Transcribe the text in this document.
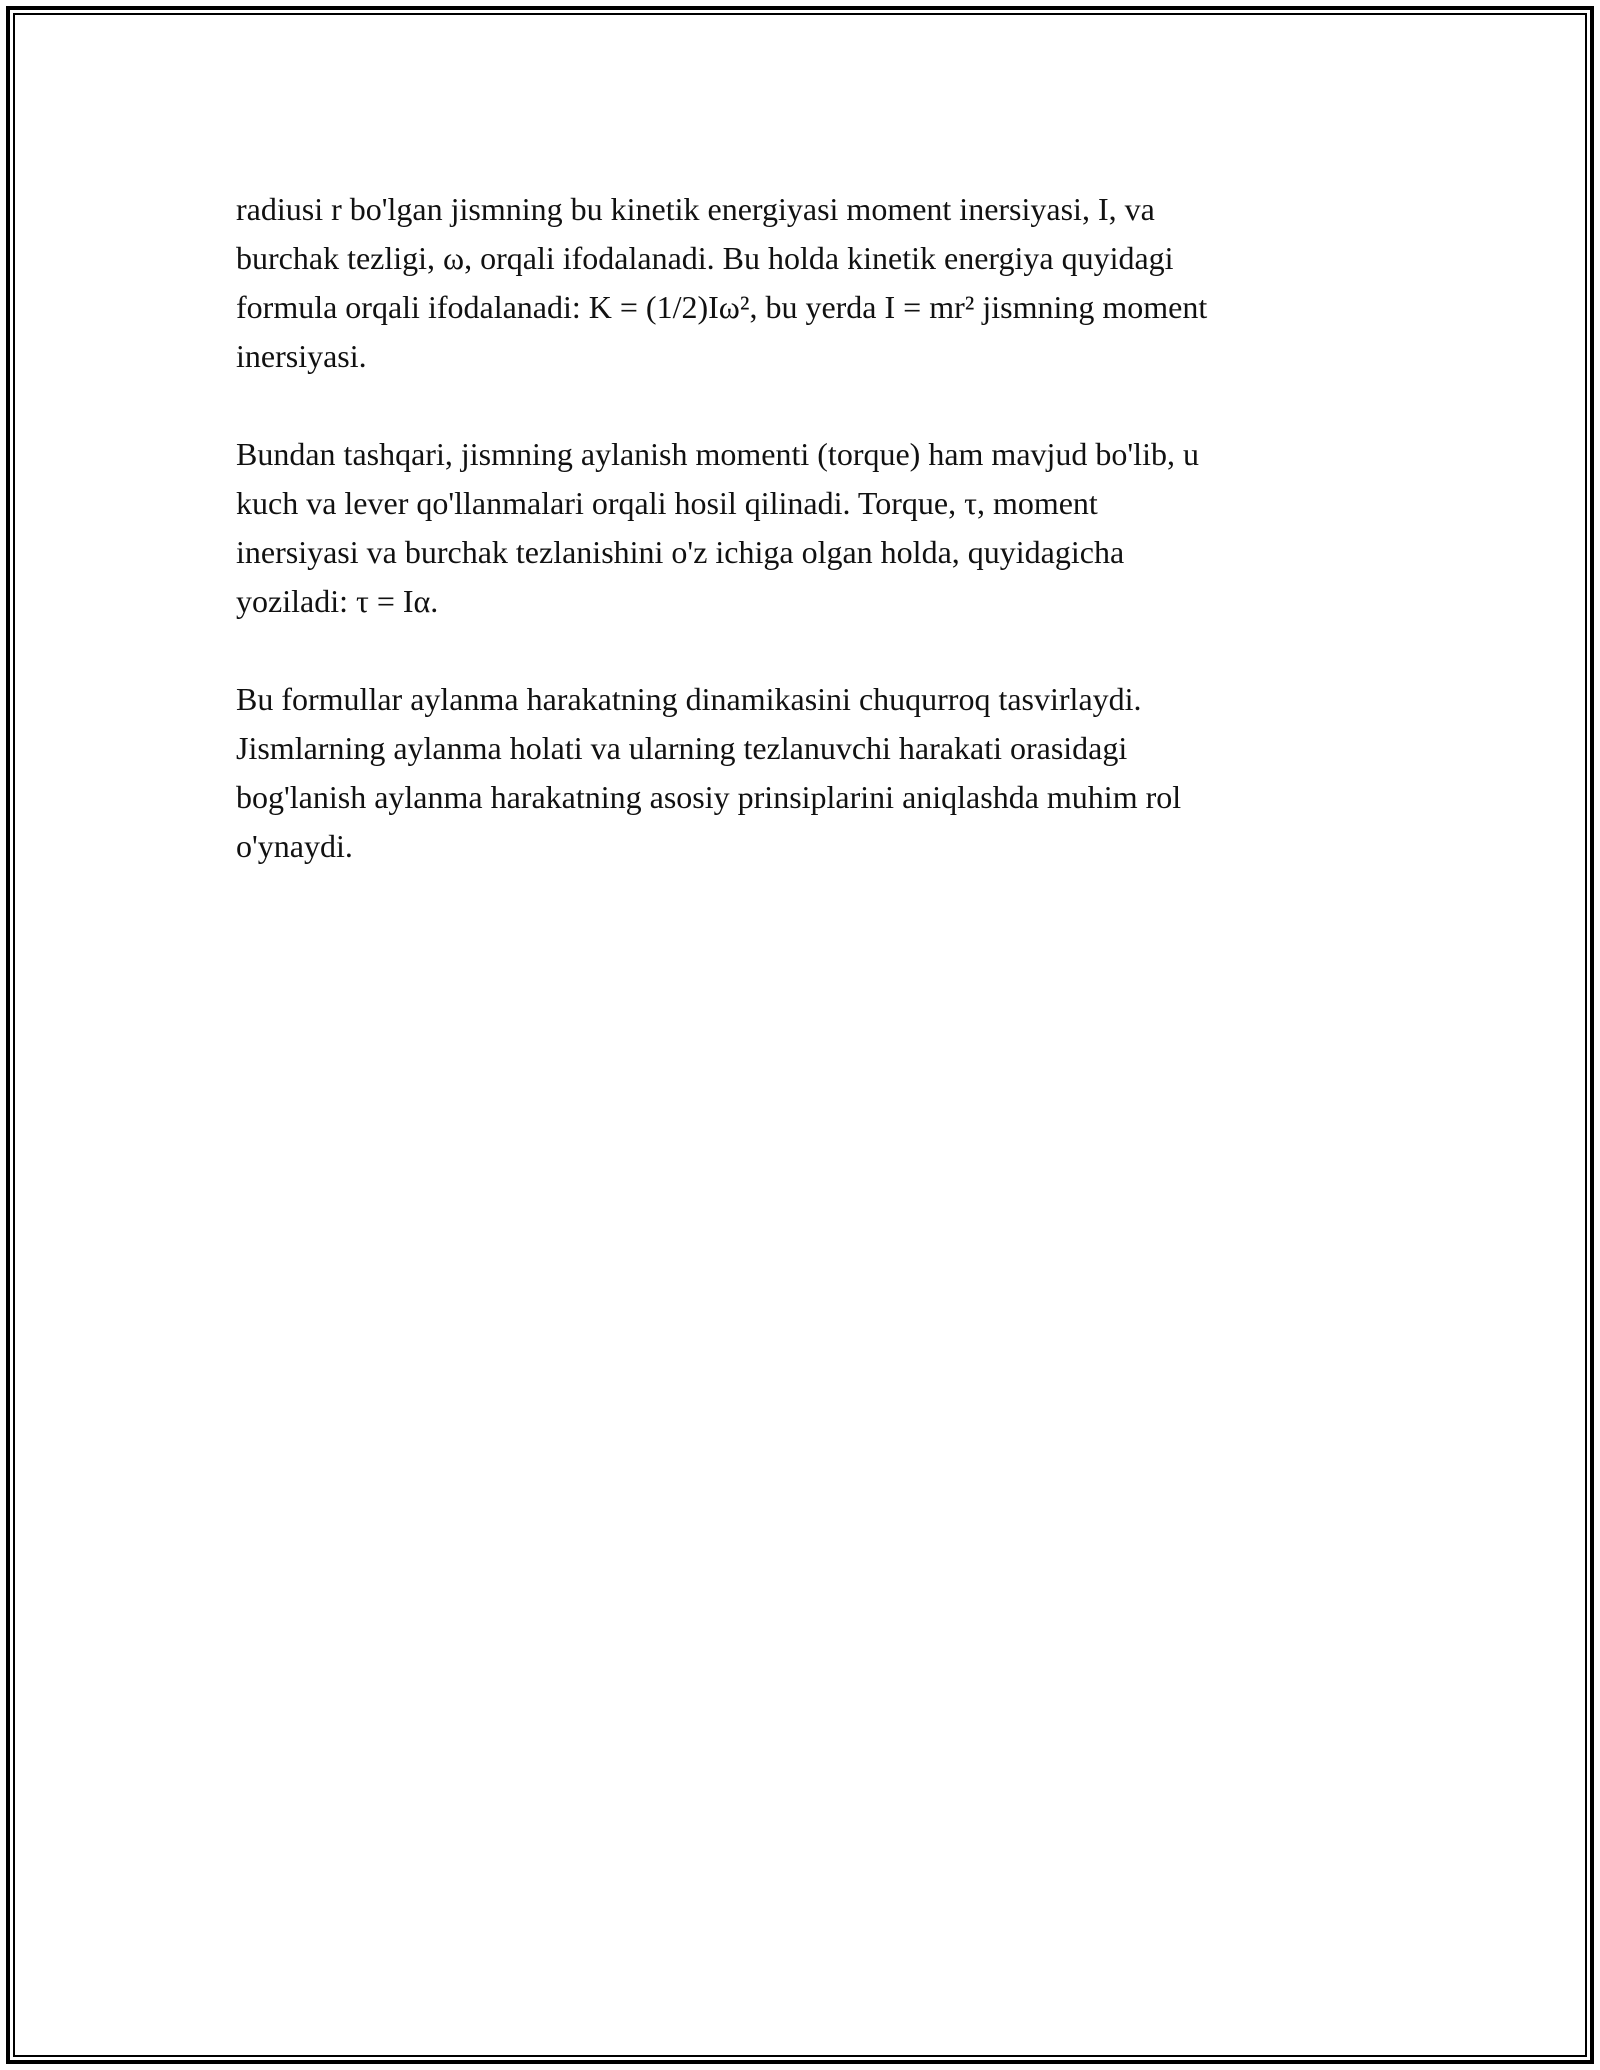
radiusi r bo'lgan jismning bu kinetik energiyasi moment inersiyasi, I, va
burchak tezligi, ω, orqali ifodalanadi. Bu holda kinetik energiya quyidagi
formula orqali ifodalanadi: K = (1/2)Iω², bu yerda I = mr² jismning moment
inersiyasi.

Bundan tashqari, jismning aylanish momenti (torque) ham mavjud bo'lib, u
kuch va lever qo'llanmalari orqali hosil qilinadi. Torque, τ, moment
inersiyasi va burchak tezlanishini o'z ichiga olgan holda, quyidagicha
yoziladi: τ = Iα.

Bu formullar aylanma harakatning dinamikasini chuqurroq tasvirlaydi.
Jismlarning aylanma holati va ularning tezlanuvchi harakati orasidagi
bog'lanish aylanma harakatning asosiy prinsiplarini aniqlashda muhim rol
o'ynaydi.
